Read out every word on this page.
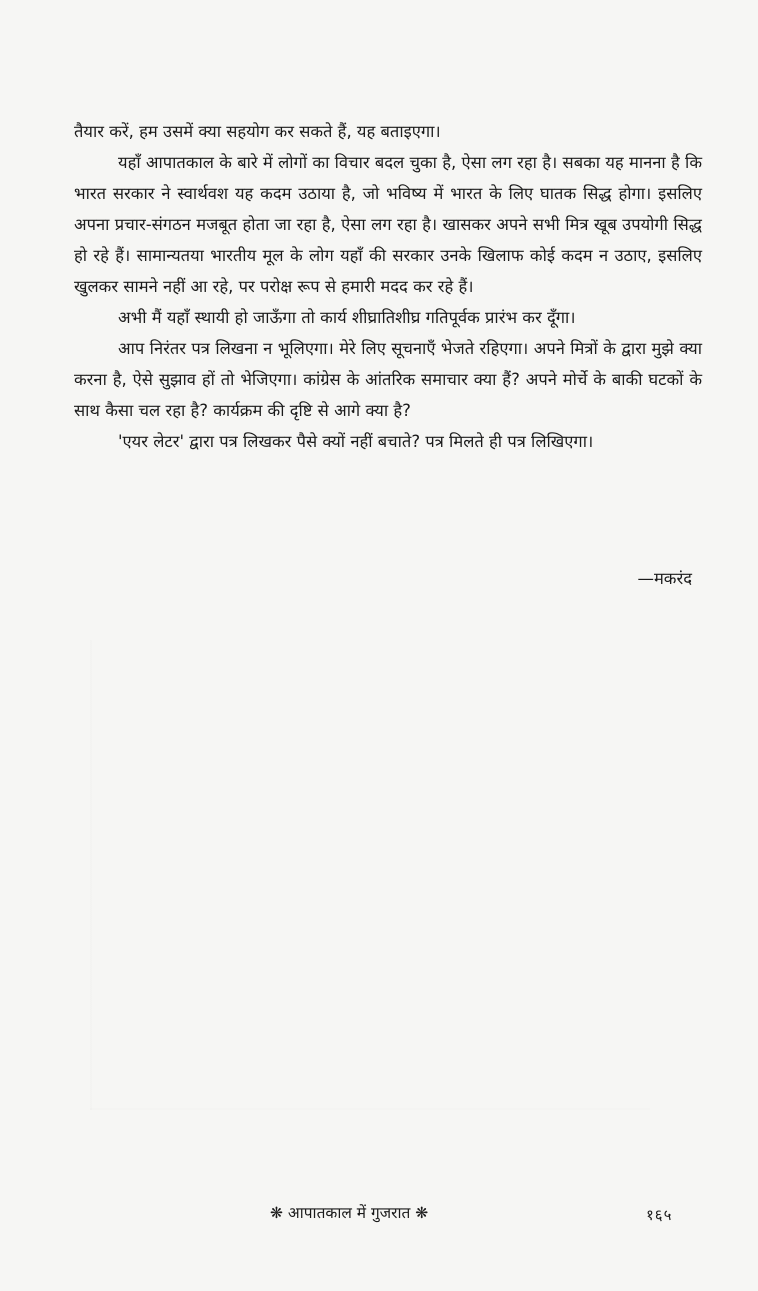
तैयार करें, हम उसमें क्या सहयोग कर सकते हैं, यह बताइएगा।

यहाँ आपातकाल के बारे में लोगों का विचार बदल चुका है, ऐसा लग रहा है। सबका यह मानना है कि भारत सरकार ने स्वार्थवश यह कदम उठाया है, जो भविष्य में भारत के लिए घातक सिद्ध होगा। इसलिए अपना प्रचार-संगठन मजबूत होता जा रहा है, ऐसा लग रहा है। खासकर अपने सभी मित्र खूब उपयोगी सिद्ध हो रहे हैं। सामान्यतया भारतीय मूल के लोग यहाँ की सरकार उनके खिलाफ कोई कदम न उठाए, इसलिए खुलकर सामने नहीं आ रहे, पर परोक्ष रूप से हमारी मदद कर रहे हैं।

अभी मैं यहाँ स्थायी हो जाऊँगा तो कार्य शीघ्रातिशीघ्र गतिपूर्वक प्रारंभ कर दूँगा।

आप निरंतर पत्र लिखना न भूलिएगा। मेरे लिए सूचनाएँ भेजते रहिएगा। अपने मित्रों के द्वारा मुझे क्या करना है, ऐसे सुझाव हों तो भेजिएगा। कांग्रेस के आंतरिक समाचार क्या हैं? अपने मोर्चे के बाकी घटकों के साथ कैसा चल रहा है? कार्यक्रम की दृष्टि से आगे क्या है?

'एयर लेटर' द्वारा पत्र लिखकर पैसे क्यों नहीं बचाते? पत्र मिलते ही पत्र लिखिएगा।

—मकरंद
❋ आपातकाल में गुजरात ❋	१६५
